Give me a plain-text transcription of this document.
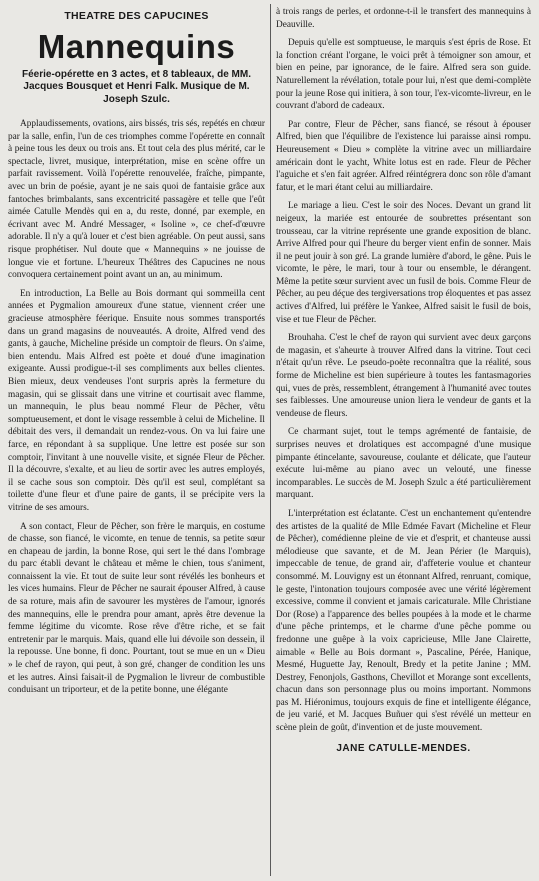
THEATRE DES CAPUCINES
Mannequins
Féerie-opérette en 3 actes, et 8 tableaux, de MM. Jacques Bousquet et Henri Falk. Musique de M. Joseph Szulc.

Applaudissements, ovations, airs bissés, tris sés, repétés en chœur par la salle, enfin, l'un de ces triomphes comme l'opérette en connaît à peine tous les deux ou trois ans. Et tout cela des plus mérité, car le spectacle, livret, musique, interprétation, mise en scène offre un parfait ravissement. Voilà l'opérette renouvelée, fraîche, pimpante, avec un brin de poésie, ayant je ne sais quoi de fantaisie grâce aux fantoches brimbalants, sans excentricité passagère et telle que l'eût aimée Catulle Mendès qui en a, du reste, donné, par exemple, en écrivant avec M. André Messager, « Isoline », ce chef-d'œuvre adorable. Il n'y a qu'à louer et c'est bien agréable. On peut aussi, sans risque prophétiser. Nul doute que « Mannequins » ne jouisse de longue vie et fortune. L'heureux Théâtres des Capucines ne nous convoquera certainement point avant un an, au minimum.

En introduction, La Belle au Bois dormant qui sommeilla cent années et Pygmalion amoureux d'une statue, viennent créer une gracieuse atmosphère féerique. Ensuite nous sommes transportés dans un grand magasins de nouveautés. A droite, Alfred vend des gants, à gauche, Micheline préside un comptoir de fleurs. On s'aime, bien entendu. Mais Alfred est poète et doué d'une imagination exigeante. Aussi prodigue-t-il ses compliments aux belles clientes. Bien mieux, deux vendeuses l'ont surpris après la fermeture du magasin, qui se glissait dans une vitrine et courtisait avec flamme, un mannequin, le plus beau nommé Fleur de Pêcher, vêtu somptueusement, et dont le visage ressemble à celui de Micheline. Il débitait des vers, il demandait un rendez-vous. On va lui faire une farce, en répondant à sa supplique. Une lettre est posée sur son comptoir, l'invitant à une nouvelle visite, et signée Fleur de Pêcher. Il la découvre, s'exalte, et au lieu de sortir avec les autres employés, il se cache sous son comptoir. Dès qu'il est seul, complétant sa toilette d'une fleur et d'une paire de gants, il se précipite vers la vitrine de ses amours.

A son contact, Fleur de Pêcher, son frère le marquis, en costume de chasse, son fiancé, le vicomte, en tenue de tennis, sa petite sœur en chapeau de jardin, la bonne Rose, qui sert le thé dans l'ombrage du parc établi devant le château et même le chien, tous s'animent, connaissent la vie. Et tout de suite leur sont révélés les bonheurs et les vices humains. Fleur de Pêcher ne saurait épouser Alfred, à cause de sa roture, mais afin de savourer les mystères de l'amour, ignorés des mannequins, elle le prendra pour amant, après être devenue la femme légitime du vicomte. Rose rêve d'être riche, et se fait entretenir par le marquis. Mais, quand elle lui dévoile son dessein, il la repousse. Une bonne, fi donc. Pourtant, tout se mue en un « Dieu » le chef de rayon, qui peut, à son gré, changer de condition les uns et les autres. Ainsi faisait-il de Pygmalion le livreur de combustible conduisant un triporteur, et de la petite bonne, une élégante

à trois rangs de perles, et ordonne-t-il le transfert des mannequins à Deauville.

Depuis qu'elle est somptueuse, le marquis s'est épris de Rose. Et la fonction créant l'organe, le voici prêt à témoigner son amour, et bien en peine, par ignorance, de le faire. Alfred sera son guide. Naturellement la révélation, totale pour lui, n'est que demi-complète pour la jeune Rose qui initiera, à son tour, l'ex-vicomte-livreur, en le couvrant d'abord de cadeaux.

Par contre, Fleur de Pêcher, sans fiancé, se résout à épouser Alfred, bien que l'équilibre de l'existence lui paraisse ainsi rompu. Heureusement « Dieu » complète la vitrine avec un milliardaire américain dont le yacht, White lotus est en rade. Fleur de Pêcher l'aguiche et s'en fait agréer. Alfred réintégrera donc son rôle d'amant fatur, et le mari étant celui au milliardaire.

Le mariage a lieu. C'est le soir des Noces. Devant un grand lit neigeux, la mariée est entourée de soubrettes présentant son trousseau, car la vitrine représente une grande exposition de blanc. Arrive Alfred pour qui l'heure du berger vient enfin de sonner. Mais il ne peut jouir à son gré. La grande lumière d'abord, le gêne. Puis le vicomte, le père, le mari, tour à tour ou ensemble, le dérangent. Même la petite sœur survient avec un fusil de bois. Comme Fleur de Pêcher, au peu déçue des tergiversations trop éloquentes et pas assez actives d'Alfred, lui préfère le Yankee, Alfred saisit le fusil de bois, vise et tue Fleur de Pêcher.

Brouhaha. C'est le chef de rayon qui survient avec deux garçons de magasin, et s'aheurte à trouver Alfred dans la vitrine. Tout ceci n'était qu'un rêve. Le pseudo-poète reconnaîtra que la réalité, sous forme de Micheline est bien supérieure à toutes les fantasmagories qui, vues de près, ressemblent, étrangement à l'humanité avec toutes ses faiblesses. Une amoureuse union liera le vendeur de gants et la vendeuse de fleurs.

Ce charmant sujet, tout le temps agrémenté de fantaisie, de surprises neuves et drolatiques est accompagné d'une musique pimpante étincelante, savoureuse, coulante et délicate, que l'auteur exécute lui-même au piano avec un velouté, une finesse incomparables. Le succès de M. Joseph Szulc a été particulièrement marquant.

L'interprétation est éclatante. C'est un enchantement qu'entendre des artistes de la qualité de Mlle Edmée Favart (Micheline et Fleur de Pêcher), comédienne pleine de vie et d'esprit, et chanteuse aussi mélodieuse que savante, et de M. Jean Périer (le Marquis), impeccable de tenue, de grand air, d'affeterie voulue et chanteur consommé. M. Louvigny est un étonnant Alfred, renruant, comique, le geste, l'intonation toujours composée avec une vérité légèrement excessive, comme il convient et jamais caricaturale. Mlle Christiane Dor (Rose) a l'apparence des belles poupées à la mode et le charme d'une pêche printemps, et le charme d'une pêche pomme ou fredonne une guêpe à la voix capricieuse, Mlle Jane Clairette, aimable « Belle au Bois dormant », Pascaline, Pérée, Hanique, Mesmé, Huguette Jay, Renoult, Bredy et la petite Janine ; MM. Destrey, Fenonjols, Gasthons, Chevillot et Morange sont excellents, chacun dans son personnage plus ou moins important. Nommons pas M. Hiéronimus, toujours exquis de fine et intelligente élégance, de jeu varié, et M. Jacques Buñuer qui s'est révélé un metteur en scène plein de goût, d'invention et de juste mouvement.

JANE CATULLE-MENDES.
